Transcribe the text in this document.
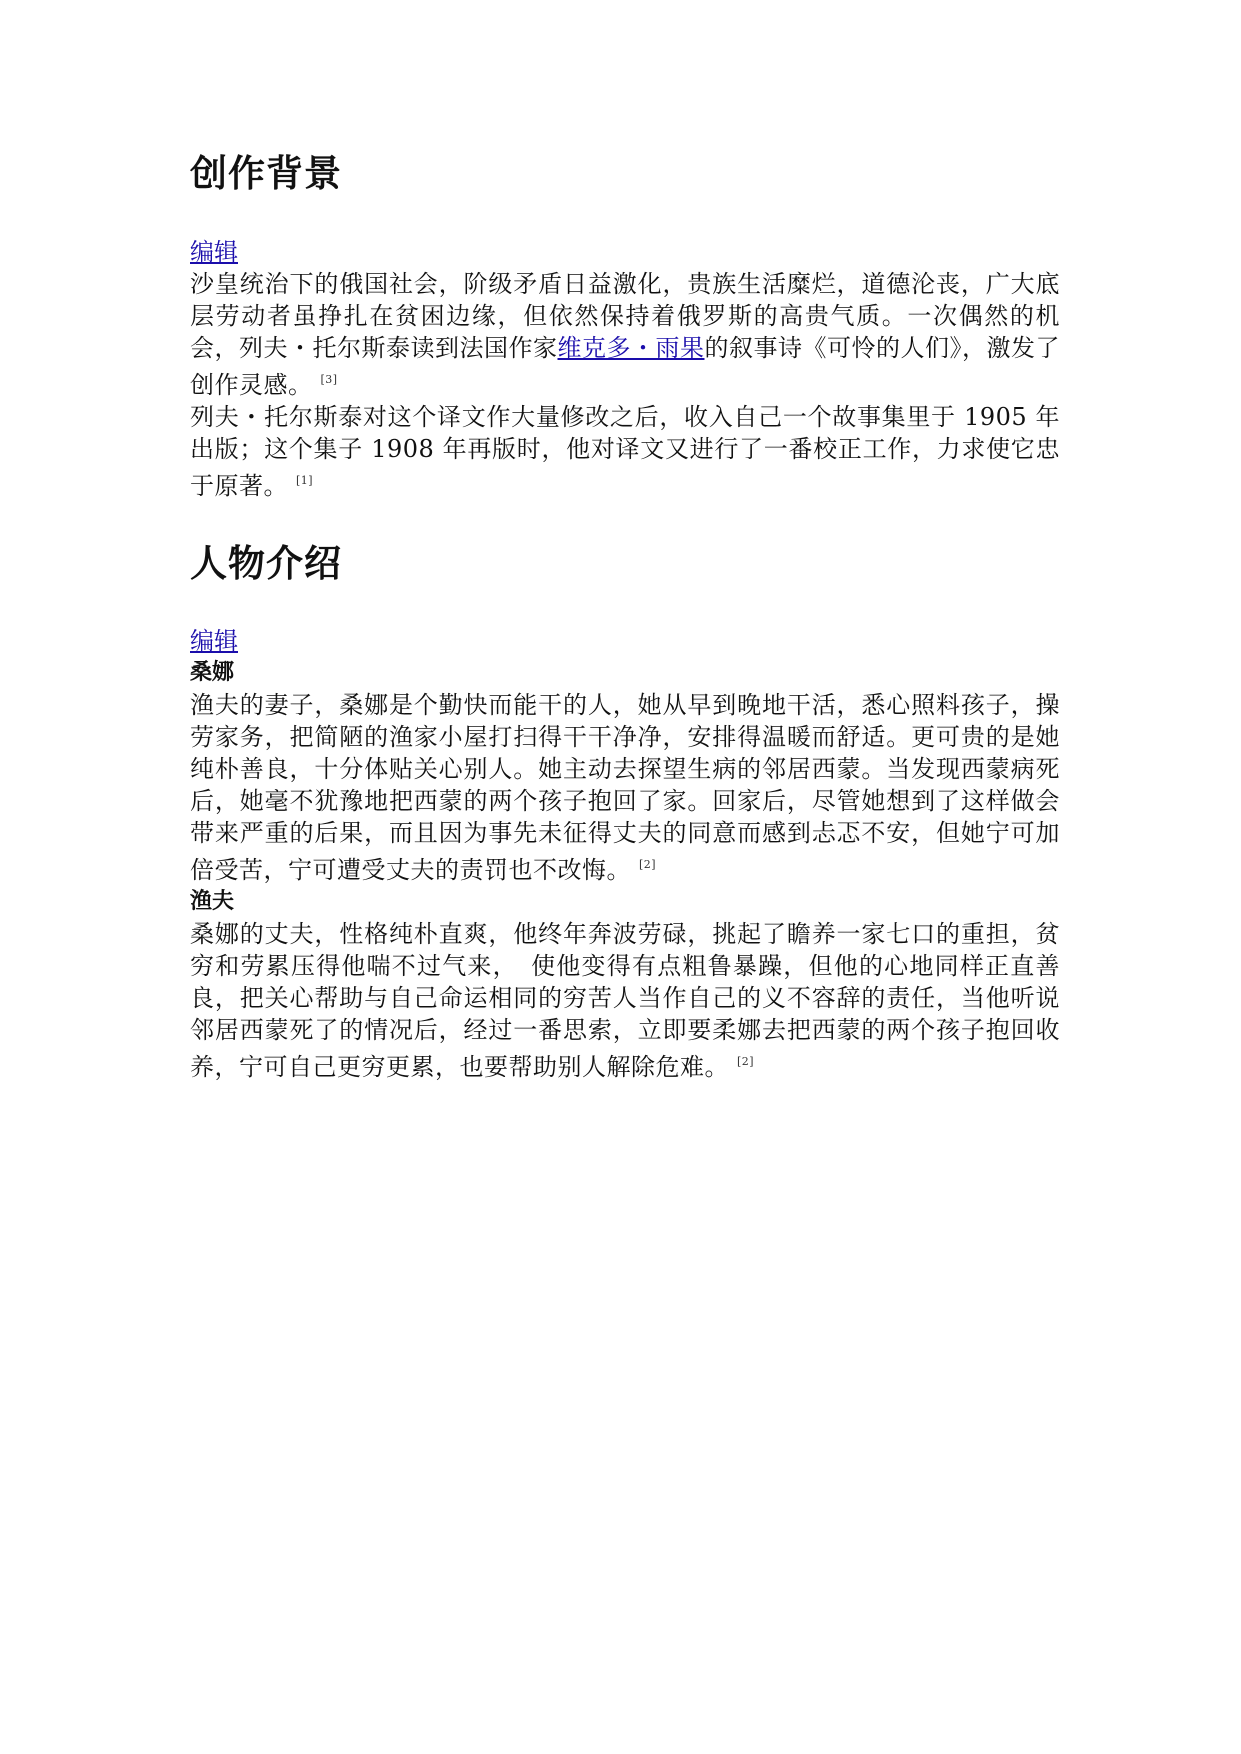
创作背景
编辑

沙皇统治下的俄国社会，阶级矛盾日益激化，贵族生活糜烂，道德沦丧，广大底层劳动者虽挣扎在贫困边缘，但依然保持着俄罗斯的高贵气质。一次偶然的机会，列夫・托尔斯泰读到法国作家维克多・雨果的叙事诗《可怜的人们》，激发了创作灵感。 [3]

列夫・托尔斯泰对这个译文作大量修改之后，收入自己一个故事集里于 1905 年出版；这个集子 1908 年再版时，他对译文又进行了一番校正工作，力求使它忠于原著。 [1]

人物介绍
编辑
桑娜

渔夫的妻子，桑娜是个勤快而能干的人，她从早到晚地干活，悉心照料孩子，操劳家务，把简陋的渔家小屋打扫得干干净净，安排得温暖而舒适。更可贵的是她纯朴善良，十分体贴关心别人。她主动去探望生病的邻居西蒙。当发现西蒙病死后，她毫不犹豫地把西蒙的两个孩子抱回了家。回家后，尽管她想到了这样做会带来严重的后果，而且因为事先未征得丈夫的同意而感到忐忑不安，但她宁可加倍受苦，宁可遭受丈夫的责罚也不改悔。 [2]

渔夫

桑娜的丈夫，性格纯朴直爽，他终年奔波劳碌，挑起了瞻养一家七口的重担，贫穷和劳累压得他喘不过气来，　使他变得有点粗鲁暴躁，但他的心地同样正直善良，把关心帮助与自己命运相同的穷苦人当作自己的义不容辞的责任，当他听说邻居西蒙死了的情况后，经过一番思索，立即要柔娜去把西蒙的两个孩子抱回收养，宁可自己更穷更累，也要帮助别人解除危难。 [2]
